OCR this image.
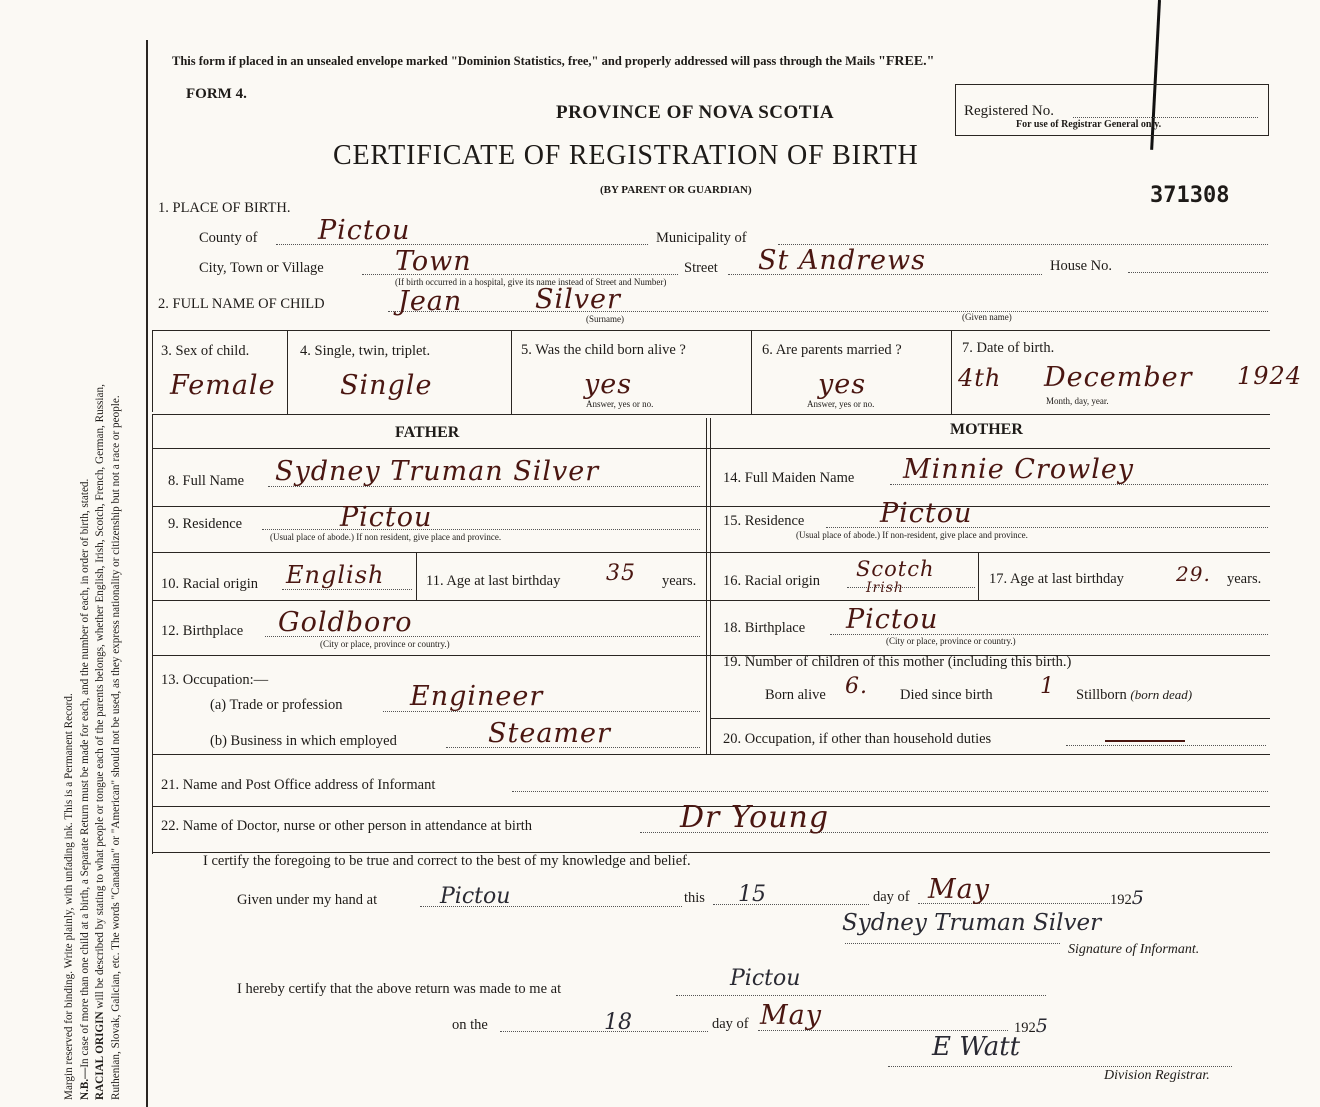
Margin reserved for binding. Write plainly, with unfading ink. This is a Permanent Record. N.B.—In case of more than one child at a birth, a Separate Return must be made for each, and the number of each, in order of birth, stated. RACIAL ORIGIN will be described by stating to what people or tongue each of the parents belongs, whether English, Irish, Scotch, French, German, Russian, Ruthenian, Slovak, Galician, etc. The words "Canadian" or "American" should not be used, as they express nationality or citizenship but not a race or people.
This form if placed in an unsealed envelope marked "Dominion Statistics, free," and properly addressed will pass through the Mails "FREE."
FORM 4.
PROVINCE OF NOVA SCOTIA
CERTIFICATE OF REGISTRATION OF BIRTH
(BY PARENT OR GUARDIAN)
Registered No.
For use of Registrar General only.
371308
1. PLACE OF BIRTH.
County of Pictou	Municipality of
City, Town or Village	Town
(If birth occurred in a hospital, give its name instead of Street and Number)
Street St Andrews	House No.
2. FULL NAME OF CHILD	Jean	Silver
(Surname)	(Given name)
3. Sex of child.
Female
4. Single, twin, triplet.
Single
5. Was the child born alive ?
yes
Answer, yes or no.
6. Are parents married ?
yes
Answer, yes or no.
7. Date of birth.
4th December 1924
Month, day, year.
FATHER	MOTHER
8. Full Name Sydney Truman Silver
9. Residence	Pictou
(Usual place of abode.) If non resident, give place and province.
10. Racial origin English	11. Age at last birthday 35 years.
12. Birthplace Goldboro
(City or place, province or country.)
13. Occupation:—
(a) Trade or profession	Engineer
(b) Business in which employed	Steamer
14. Full Maiden Name Minnie Crowley
15. Residence	Pictou
(Usual place of abode.) If non-resident, give place and province.
16. Racial origin Scotch
Irish
17. Age at last birthday	29. years.
18. Birthplace Pictou
(City or place, province or country.)
19. Number of children of this mother (including this birth.)
Born alive 6. Died since birth 1 Stillborn (born dead)
20. Occupation, if other than household duties
21. Name and Post Office address of Informant
22. Name of Doctor, nurse or other person in attendance at birth	Dr Young
I certify the foregoing to be true and correct to the best of my knowledge and belief.
Given under my hand at	Pictou	this 15	day of May	1925
Sydney Truman Silver
Signature of Informant.
I hereby certify that the above return was made to me at	Pictou
on the	18	day of May	1925
E Watt
Division Registrar.
